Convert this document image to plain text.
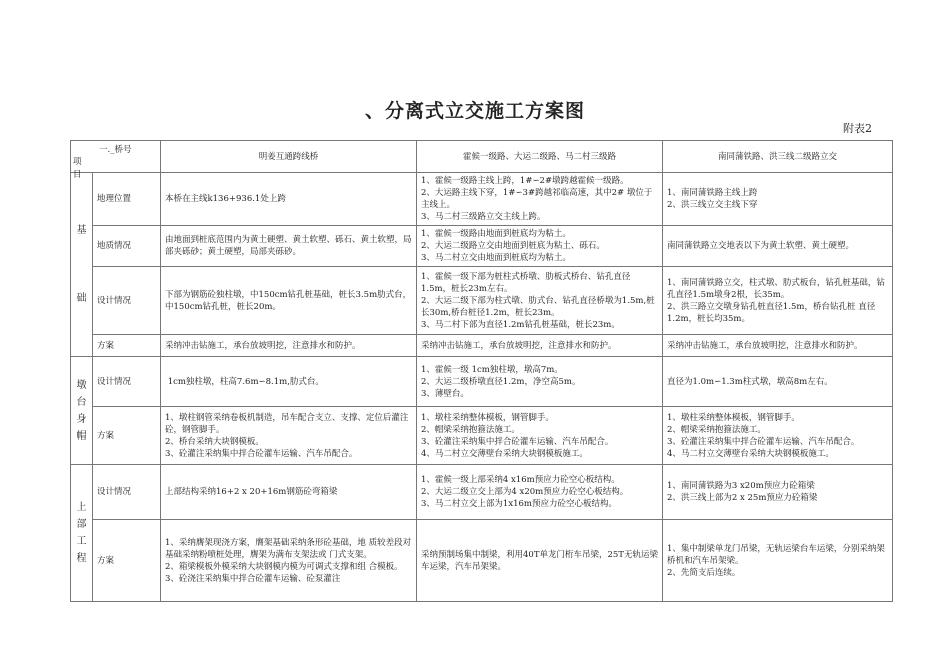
、分离式立交施工方案图
附表2
一._桥号
项
目		明姜互通跨线桥	霍候一级路、大运二级路、马二村三级路	南同蒲铁路、洪三线二级路立交
基

础	地理位置	本桥在主线k136+936.1处上跨	1、霍候一级路主线上跨，1#∽2#墩跨越霍候一级路。
2、大运路主线下穿，1#∽3#跨越祁临高速，其中2# 墩位于主线上。
3、马二村三级路立交主线上跨。	1、南同蒲铁路主线上跨
2、洪三线立交主线下穿
	地质情况	由地面到桩底范围内为黄土硬塑、黄土软塑、砾石、黄土软塑，局部夹砾砂；黄土硬塑，局部夹砾砂。	1、霍候一级路由地面到桩底均为粘土。
2、大运二级路立交由地面到桩底为粘土、砾石。
3、马二村立交由地面到桩底均为粘土。	南同蒲铁路立交地表以下为黄土软塑、黄土硬塑。
	设计情况	下部为钢筋砼独柱墩，中150cm钻孔桩基础，桩长3.5m肋式台，中150cm钻孔桩，桩长20m。	1、霍候一级下部为桩柱式桥墩、肋板式桥台、钻孔直径1.5m，桩长23m左右。
2、大运二级下部为柱式墩、肋式台、钻孔直径桥墩为1.5m,桩长30m,桥台桩径1.2m，桩长23m。
3、马二村下部为直径1.2m钻孔桩基础，桩长23m。	1、南同蒲铁路立交，柱式墩、肋式板台，钻孔桩基础，钻孔直径1.5m墩身2根，长35m。
2、洪三路立交墩身钻孔桩直径1.5m，桥台钻孔桩 直径1.2m，桩长均35m。
	方案	采纳冲击钻施工，承台放坡明挖，注意排水和防护。	采纳冲击钻施工，承台放坡明挖，注意排水和防护。	采纳冲击钻施工，承台放坡明挖，注意排水和防护。
墩
台
身
帽	设计情况	1cm独柱墩，柱高7.6m∽8.1m,肋式台。	1、霍候一级 1cm独柱墩，墩高7m。
2、大运二级桥墩直径1.2m，净空高5m。
3、薄壁台。	直径为1.0m∽1.3m柱式墩，墩高8m左右。
	方案	1、墩柱钢管采纳卷板机制造，吊车配合支立、支撑、定位后灌注砼，钢管脚手。
2、桥台采纳大块钢模板。
3、砼灌注采纳集中拌合砼灌车运输、汽车吊配合。	1、墩柱采纳整体模板，钢管脚手。
2、帽梁采纳抱箍法施工。
3、砼灌注采纳集中拌合砼灌车运输、汽车吊配合。
4、马二村立交薄壁台采纳大块钢模板施工。	1、墩柱采纳整体模板，钢管脚手。
2、帽梁采纳抱箍法施工。
3、砼灌注采纳集中拌合砼灌车运输、汽车吊配合。
4、马二村立交薄壁台采纳大块钢模板施工。
上
部
工
程	设计情况	上部结构采纳16+2 x 20+16m钢筋砼弯箱梁	1、霍候一级上部采纳4 x16m预应力砼空心板结构。
2、大运二级立交上部为4 x20m预应力砼空心板结构。
3、马二村立交上部为1x16m预应力砼空心板结构。	1、南同蒲铁路为3 x20m预应力砼箱梁
2、洪三线上部为2 x 25m预应力砼箱梁
	方案	1、采纳膺架现浇方案，膺架基础采纳条形砼基础，地 质较差段对基础采纳粉喷桩处理，膺架为满布支架法或 门式支架。
2、箱梁模板外模采纳大块钢模内模为可调式支撑和组 合模板。
3、砼浇注采纳集中拌合砼灌车运输、砼泵灌注	采纳预制场集中制梁，利用40T单龙门桁车吊梁，25T无轨运梁车运梁，汽车吊架梁。	1、集中制梁单龙门吊梁，无轨运梁台车运梁，分别采纳架桥机和汽车吊架梁。
2、先简支后连续。
